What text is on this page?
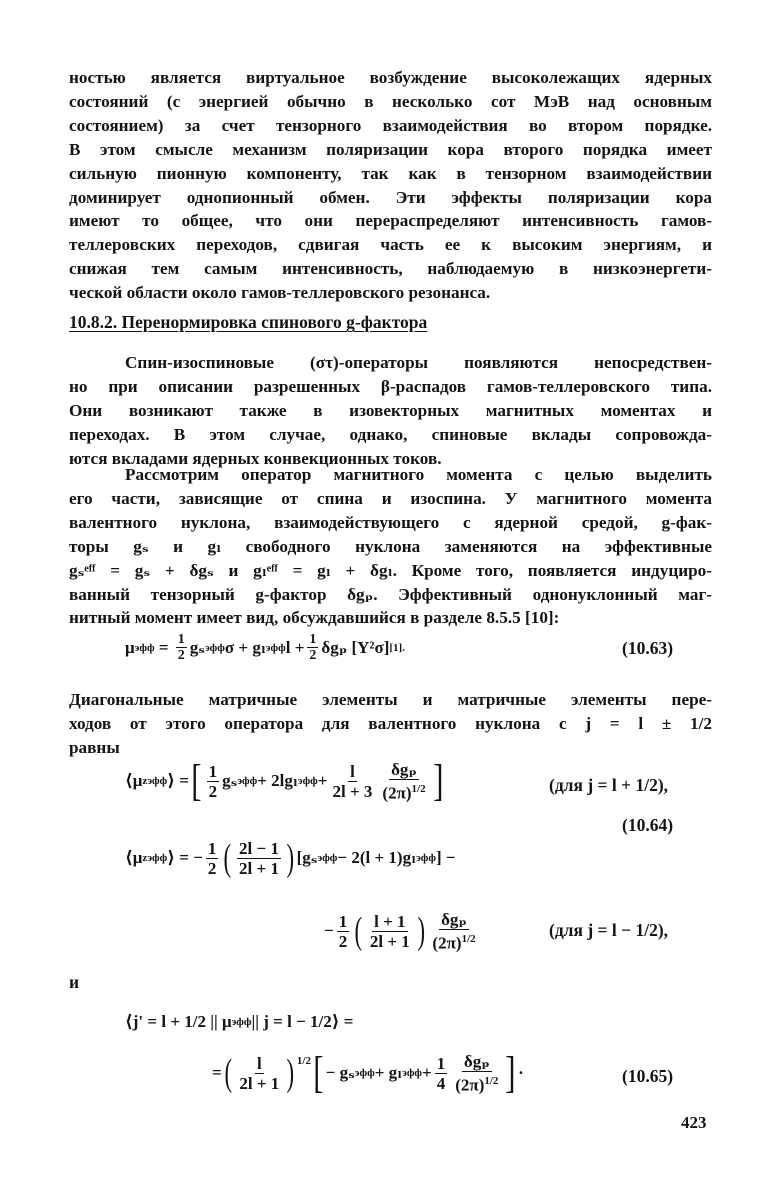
ностью является виртуальное возбуждение высоколежащих ядерных
состояний (с энергией обычно в несколько сот МэВ над основным
состоянием) за счет тензорного взаимодействия во втором порядке.
В этом смысле механизм поляризации кора второго порядка имеет
сильную пионную компоненту, так как в тензорном взаимодействии
доминирует однопионный обмен. Эти эффекты поляризации кора
имеют то общее, что они перераспределяют интенсивность гамов-
теллеровских переходов, сдвигая часть ее к высоким энергиям, и
снижая тем самым интенсивность, наблюдаемую в низкоэнергети-
ческой области около гамов-теллеровского резонанса.
10.8.2. Перенормировка спинового g-фактора
Спин-изоспиновые (στ)-операторы появляются непосредствен-
но при описании разрешенных β-распадов гамов-теллеровского типа.
Они возникают также в изовекторных магнитных моментах и
переходах. В этом случае, однако, спиновые вклады сопровожда-
ются вкладами ядерных конвекционных токов.
Рассмотрим оператор магнитного момента с целью выделить
его части, зависящие от спина и изоспина. У магнитного момента
валентного нуклона, взаимодействующего с ядерной средой, g-фак-
торы gₛ и gₗ свободного нуклона заменяются на эффективные
gₛᵉᶠᶠ = gₛ + δgₛ и gₗᵉᶠᶠ = gₗ + δgₗ. Кроме того, появляется индуциро-
ванный тензорный g-фактор δgₚ. Эффективный однонуклонный маг-
нитный момент имеет вид, обсуждавшийся в разделе 8.5.5 [10]:
μ эфф = $\frac{1}{2}$ gₛ эфф σ + gₗ эфф $l + \frac{1}{2}$ δgₚ [Y²σ] [1].	(10.63)
Диагональные матричные элементы и матричные элементы пере-
ходов от этого оператора для валентного нуклона с j = l ± 1/2
равны
⟨μ z эфф ⟩ = [ $\frac{1}{2}$ gₛ эфф + 2lgₗ эфф + $\frac{l}{2l + 3} \frac{\text{δgₚ}}{(2\pi)^{1/2}}$ ]	(для j = l + 1/2),
(10.64)
⟨μ z эфф ⟩ = − $\frac{1}{2}$ ( $\frac{2l - 1}{2l + 1}$ ) [gₛ эфф − 2(l + 1)gₗ эфф ] −
− $\frac{1}{2}$ ( $\frac{l + 1}{2l + 1}$ ) $\frac{\text{δgₚ}}{(2\pi)^{1/2}}$	(для j = l − 1/2),
и
⟨j' = l + 1/2 || μ эфф || j = l − 1/2⟩ =
= ( $\frac{l}{2l + 1} )^{1/2}$ [ − gₛ эфф + gₗ эфф + $\frac{1}{4} \frac{\text{δgₚ}}{(2\pi)^{1/2}}$ ] ·	(10.65)
423
